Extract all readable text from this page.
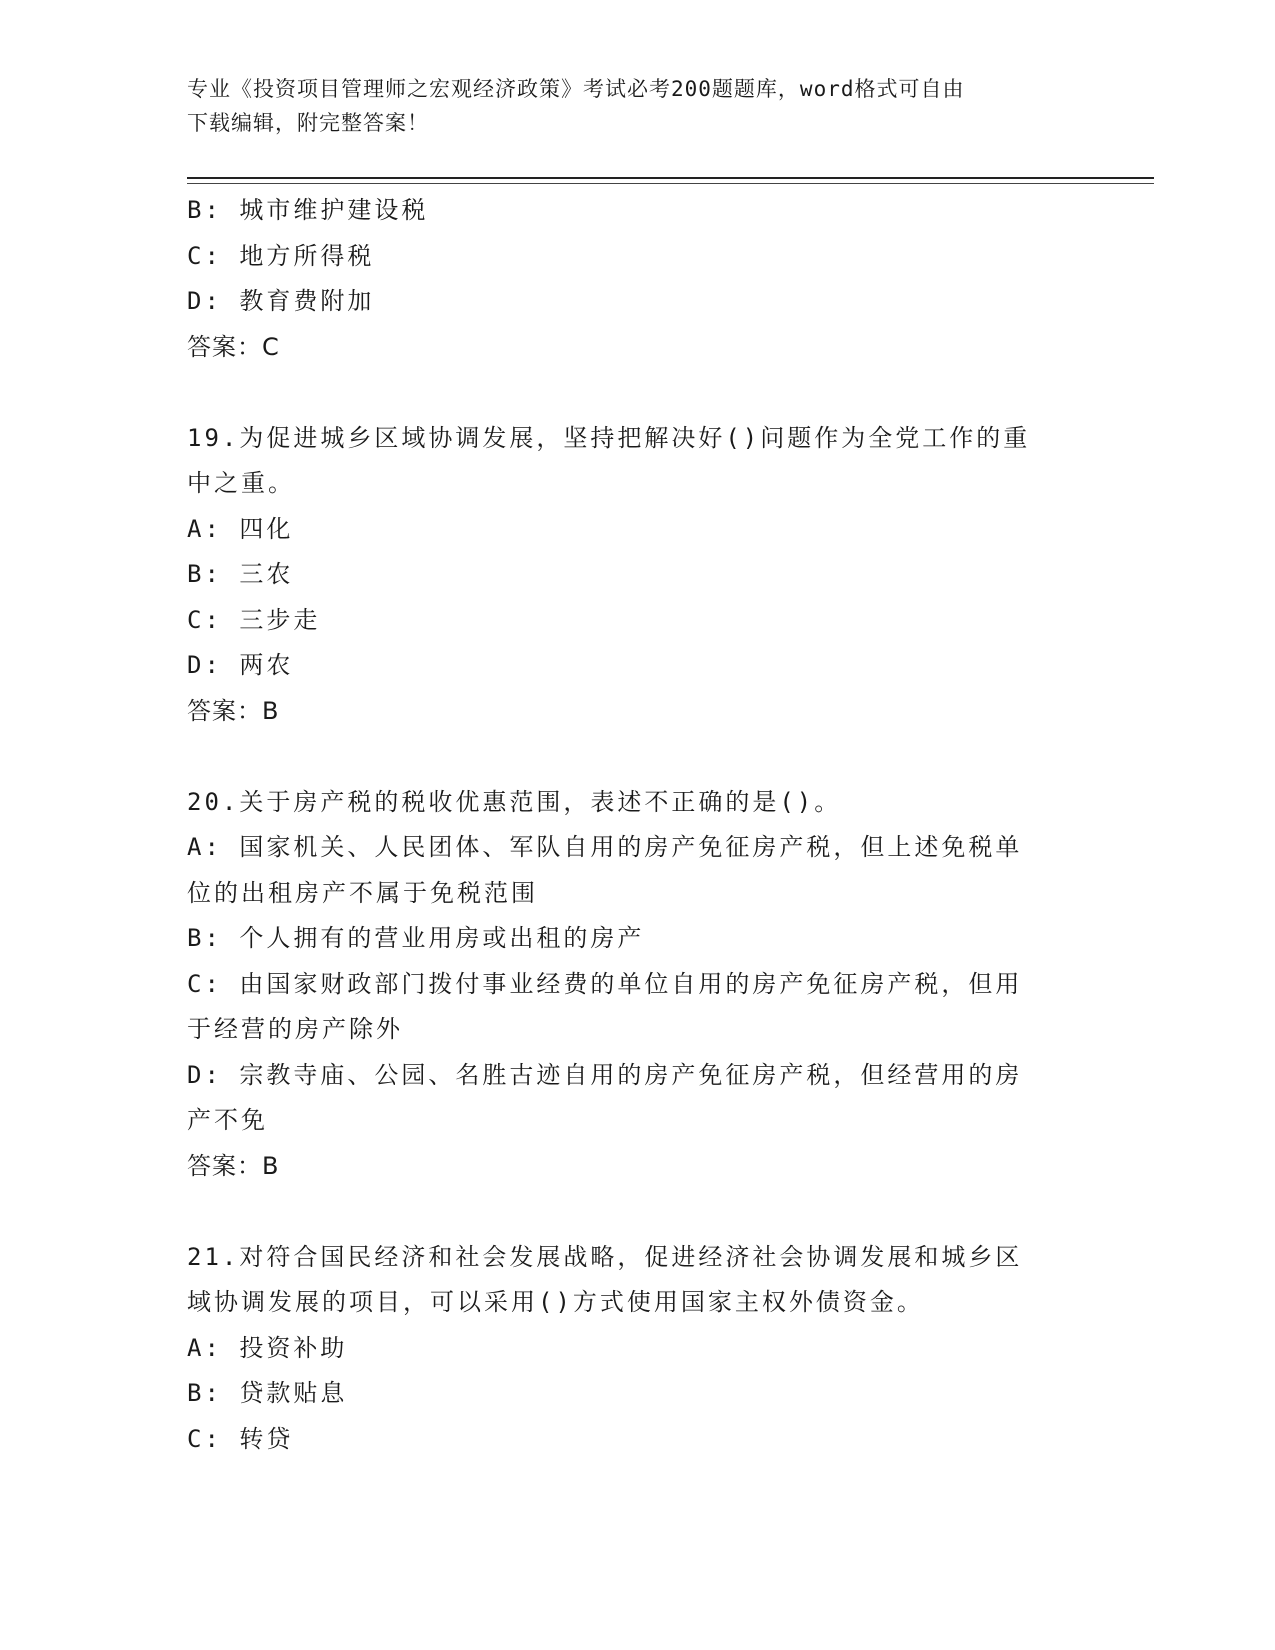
专业《投资项目管理师之宏观经济政策》考试必考200题题库，word格式可自由
下载编辑，附完整答案！
B: 城市维护建设税
C: 地方所得税
D: 教育费附加
答案：C
19.为促进城乡区域协调发展，坚持把解决好()问题作为全党工作的重
中之重。
A: 四化
B: 三农
C: 三步走
D: 两农
答案：B
20.关于房产税的税收优惠范围，表述不正确的是()。
A: 国家机关、人民团体、军队自用的房产免征房产税，但上述免税单
位的出租房产不属于免税范围
B: 个人拥有的营业用房或出租的房产
C: 由国家财政部门拨付事业经费的单位自用的房产免征房产税，但用
于经营的房产除外
D: 宗教寺庙、公园、名胜古迹自用的房产免征房产税，但经营用的房
产不免
答案：B
21.对符合国民经济和社会发展战略，促进经济社会协调发展和城乡区
域协调发展的项目，可以采用()方式使用国家主权外债资金。
A: 投资补助
B: 贷款贴息
C: 转贷
